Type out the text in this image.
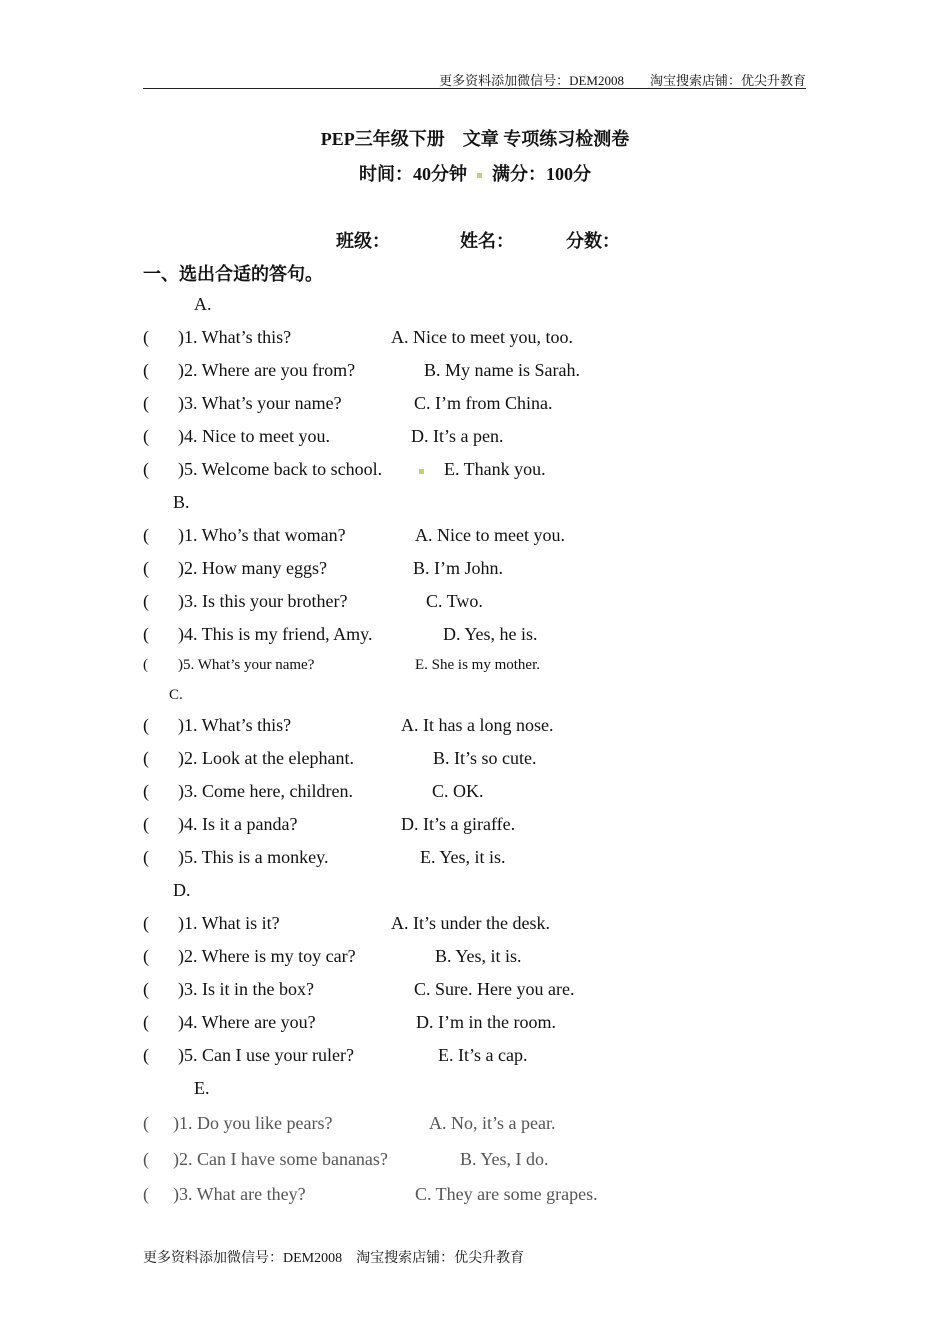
更多资料添加微信号：DEM2008 淘宝搜索店铺：优尖升教育
PEP三年级下册　文章 专项练习检测卷
时间：40分钟 满分：100分
班级：	姓名：	分数：
一、选出合适的答句。
A.
( )1. What’s this?	A. Nice to meet you, too.
( )2. Where are you from?	B. My name is Sarah.
( )3. What’s your name?	C. I’m from China.
( )4. Nice to meet you.	D. It’s a pen.
( )5. Welcome back to school.	E. Thank you.
B.
( )1. Who’s that woman?	A. Nice to meet you.
( )2. How many eggs?	B. I’m John.
( )3. Is this your brother?	C. Two.
( )4. This is my friend, Amy.	D. Yes, he is.
( )5. What’s your name?	E. She is my mother.
C.
( )1. What’s this?	A. It has a long nose.
( )2. Look at the elephant.	B. It’s so cute.
( )3. Come here, children.	C. OK.
( )4. Is it a panda?	D. It’s a giraffe.
( )5. This is a monkey.	E. Yes, it is.
D.
( )1. What is it?	A. It’s under the desk.
( )2. Where is my toy car?	B. Yes, it is.
( )3. Is it in the box?	C. Sure. Here you are.
( )4. Where are you?	D. I’m in the room.
( )5. Can I use your ruler?	E. It’s a cap.
E.
( )1. Do you like pears?	A. No, it’s a pear.
( )2. Can I have some bananas?	B. Yes, I do.
( )3. What are they?	C. They are some grapes.
更多资料添加微信号：DEM2008 淘宝搜索店铺：优尖升教育
